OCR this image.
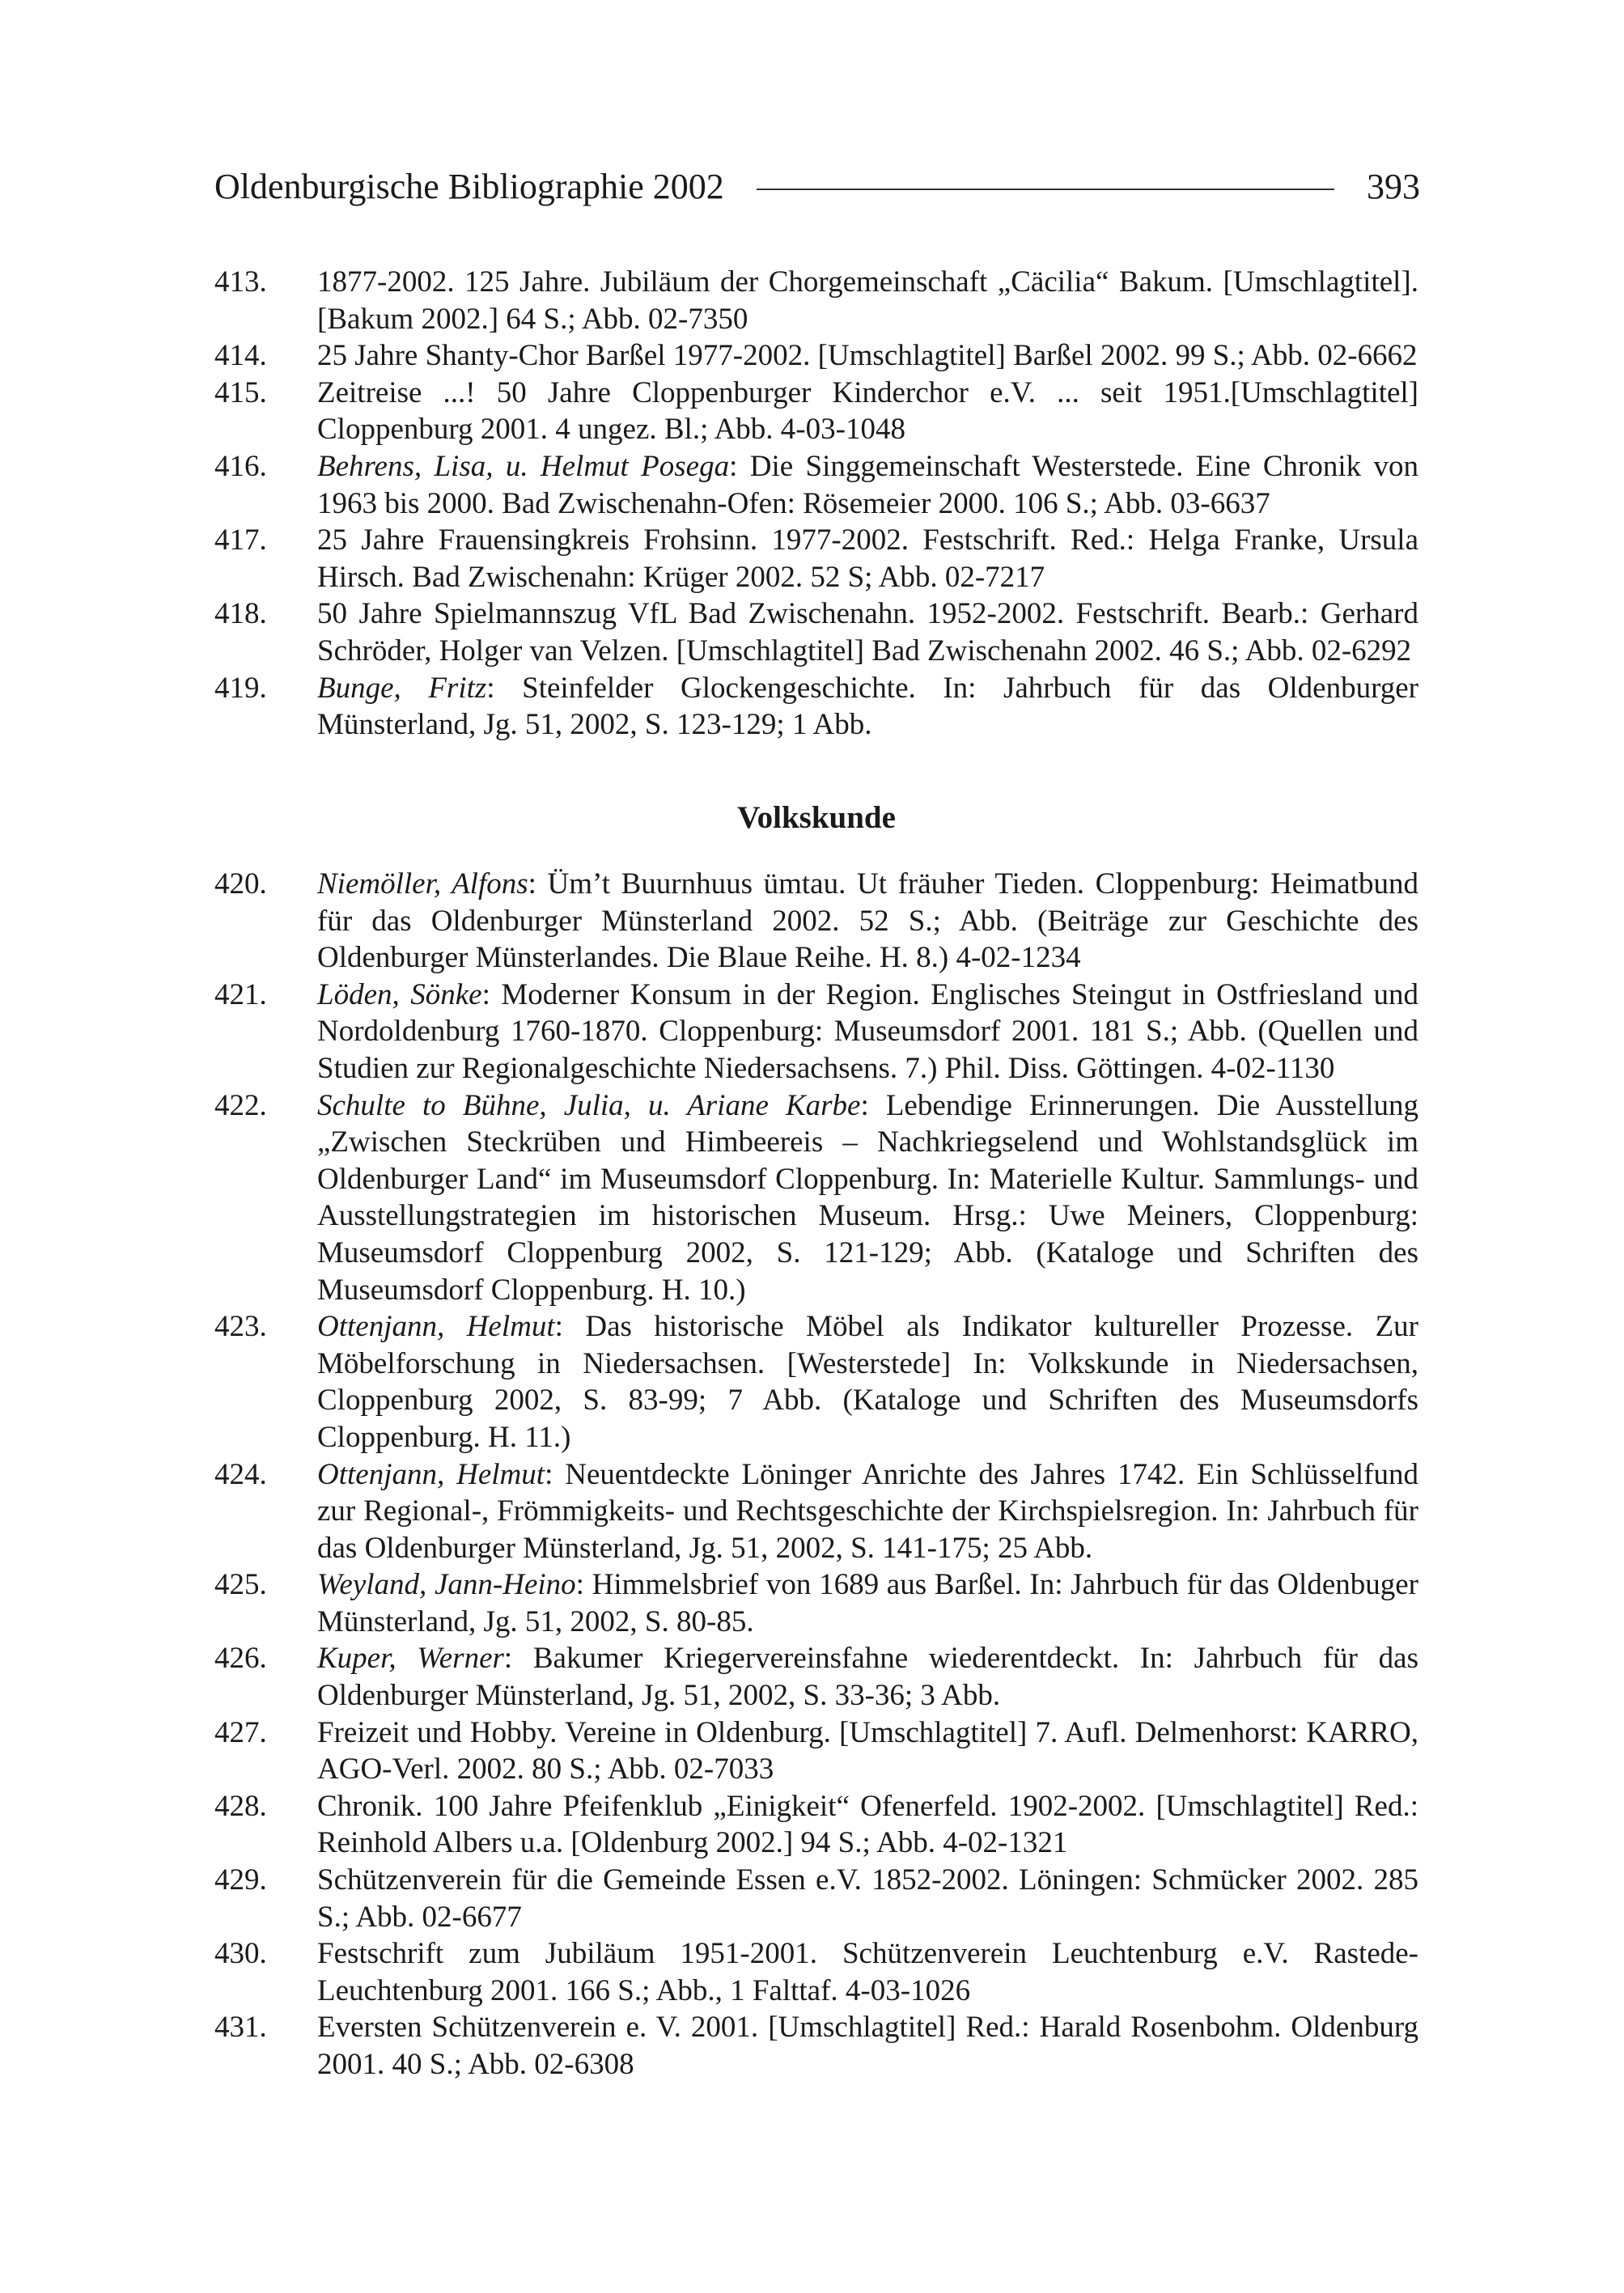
Oldenburgische Bibliographie 2002	393
413.	1877-2002. 125 Jahre. Jubiläum der Chorgemeinschaft „Cäcilia“ Bakum. [Umschlagtitel]. [Bakum 2002.] 64 S.; Abb. 02-7350
414.	25 Jahre Shanty-Chor Barßel 1977-2002. [Umschlagtitel] Barßel 2002. 99 S.; Abb. 02-6662
415.	Zeitreise ...! 50 Jahre Cloppenburger Kinderchor e.V. ... seit 1951.[Umschlagtitel] Cloppenburg 2001. 4 ungez. Bl.; Abb. 4-03-1048
416.	Behrens, Lisa, u. Helmut Posega: Die Singgemeinschaft Westerstede. Eine Chronik von 1963 bis 2000. Bad Zwischenahn-Ofen: Rösemeier 2000. 106 S.; Abb. 03-6637
417.	25 Jahre Frauensingkreis Frohsinn. 1977-2002. Festschrift. Red.: Helga Franke, Ursula Hirsch. Bad Zwischenahn: Krüger 2002. 52 S; Abb. 02-7217
418.	50 Jahre Spielmannszug VfL Bad Zwischenahn. 1952-2002. Festschrift. Bearb.: Gerhard Schröder, Holger van Velzen. [Umschlagtitel] Bad Zwischenahn 2002. 46 S.; Abb. 02-6292
419.	Bunge, Fritz: Steinfelder Glockengeschichte. In: Jahrbuch für das Oldenburger Münsterland, Jg. 51, 2002, S. 123-129; 1 Abb.
Volkskunde
420.	Niemöller, Alfons: Üm’t Buurnhuus ümtau. Ut fräuher Tieden. Cloppenburg: Heimatbund für das Oldenburger Münsterland 2002. 52 S.; Abb. (Beiträge zur Geschichte des Oldenburger Münsterlandes. Die Blaue Reihe. H. 8.) 4-02-1234
421.	Löden, Sönke: Moderner Konsum in der Region. Englisches Steingut in Ostfriesland und Nordoldenburg 1760-1870. Cloppenburg: Museumsdorf 2001. 181 S.; Abb. (Quellen und Studien zur Regionalgeschichte Niedersachsens. 7.) Phil. Diss. Göttingen. 4-02-1130
422.	Schulte to Bühne, Julia, u. Ariane Karbe: Lebendige Erinnerungen. Die Ausstellung „Zwischen Steckrüben und Himbeereis – Nachkriegselend und Wohlstandsglück im Oldenburger Land“ im Museumsdorf Cloppenburg. In: Materielle Kultur. Sammlungs- und Ausstellungstrategien im historischen Museum. Hrsg.: Uwe Meiners, Cloppenburg: Museumsdorf Cloppenburg 2002, S. 121-129; Abb. (Kataloge und Schriften des Museumsdorf Cloppenburg. H. 10.)
423.	Ottenjann, Helmut: Das historische Möbel als Indikator kultureller Prozesse. Zur Möbelforschung in Niedersachsen. [Westerstede] In: Volkskunde in Niedersachsen, Cloppenburg 2002, S. 83-99; 7 Abb. (Kataloge und Schriften des Museumsdorfs Cloppenburg. H. 11.)
424.	Ottenjann, Helmut: Neuentdeckte Löninger Anrichte des Jahres 1742. Ein Schlüsselfund zur Regional-, Frömmigkeits- und Rechtsgeschichte der Kirchspielsregion. In: Jahrbuch für das Oldenburger Münsterland, Jg. 51, 2002, S. 141-175; 25 Abb.
425.	Weyland, Jann-Heino: Himmelsbrief von 1689 aus Barßel. In: Jahrbuch für das Oldenbuger Münsterland, Jg. 51, 2002, S. 80-85.
426.	Kuper, Werner: Bakumer Kriegervereinsfahne wiederentdeckt. In: Jahrbuch für das Oldenburger Münsterland, Jg. 51, 2002, S. 33-36; 3 Abb.
427.	Freizeit und Hobby. Vereine in Oldenburg. [Umschlagtitel] 7. Aufl. Delmenhorst: KARRO, AGO-Verl. 2002. 80 S.; Abb. 02-7033
428.	Chronik. 100 Jahre Pfeifenklub „Einigkeit“ Ofenerfeld. 1902-2002. [Umschlagtitel] Red.: Reinhold Albers u.a. [Oldenburg 2002.] 94 S.; Abb. 4-02-1321
429.	Schützenverein für die Gemeinde Essen e.V. 1852-2002. Löningen: Schmücker 2002. 285 S.; Abb. 02-6677
430.	Festschrift zum Jubiläum 1951-2001. Schützenverein Leuchtenburg e.V. Rastede-Leuchtenburg 2001. 166 S.; Abb., 1 Falttaf. 4-03-1026
431.	Eversten Schützenverein e. V. 2001. [Umschlagtitel] Red.: Harald Rosenbohm. Oldenburg 2001. 40 S.; Abb. 02-6308
